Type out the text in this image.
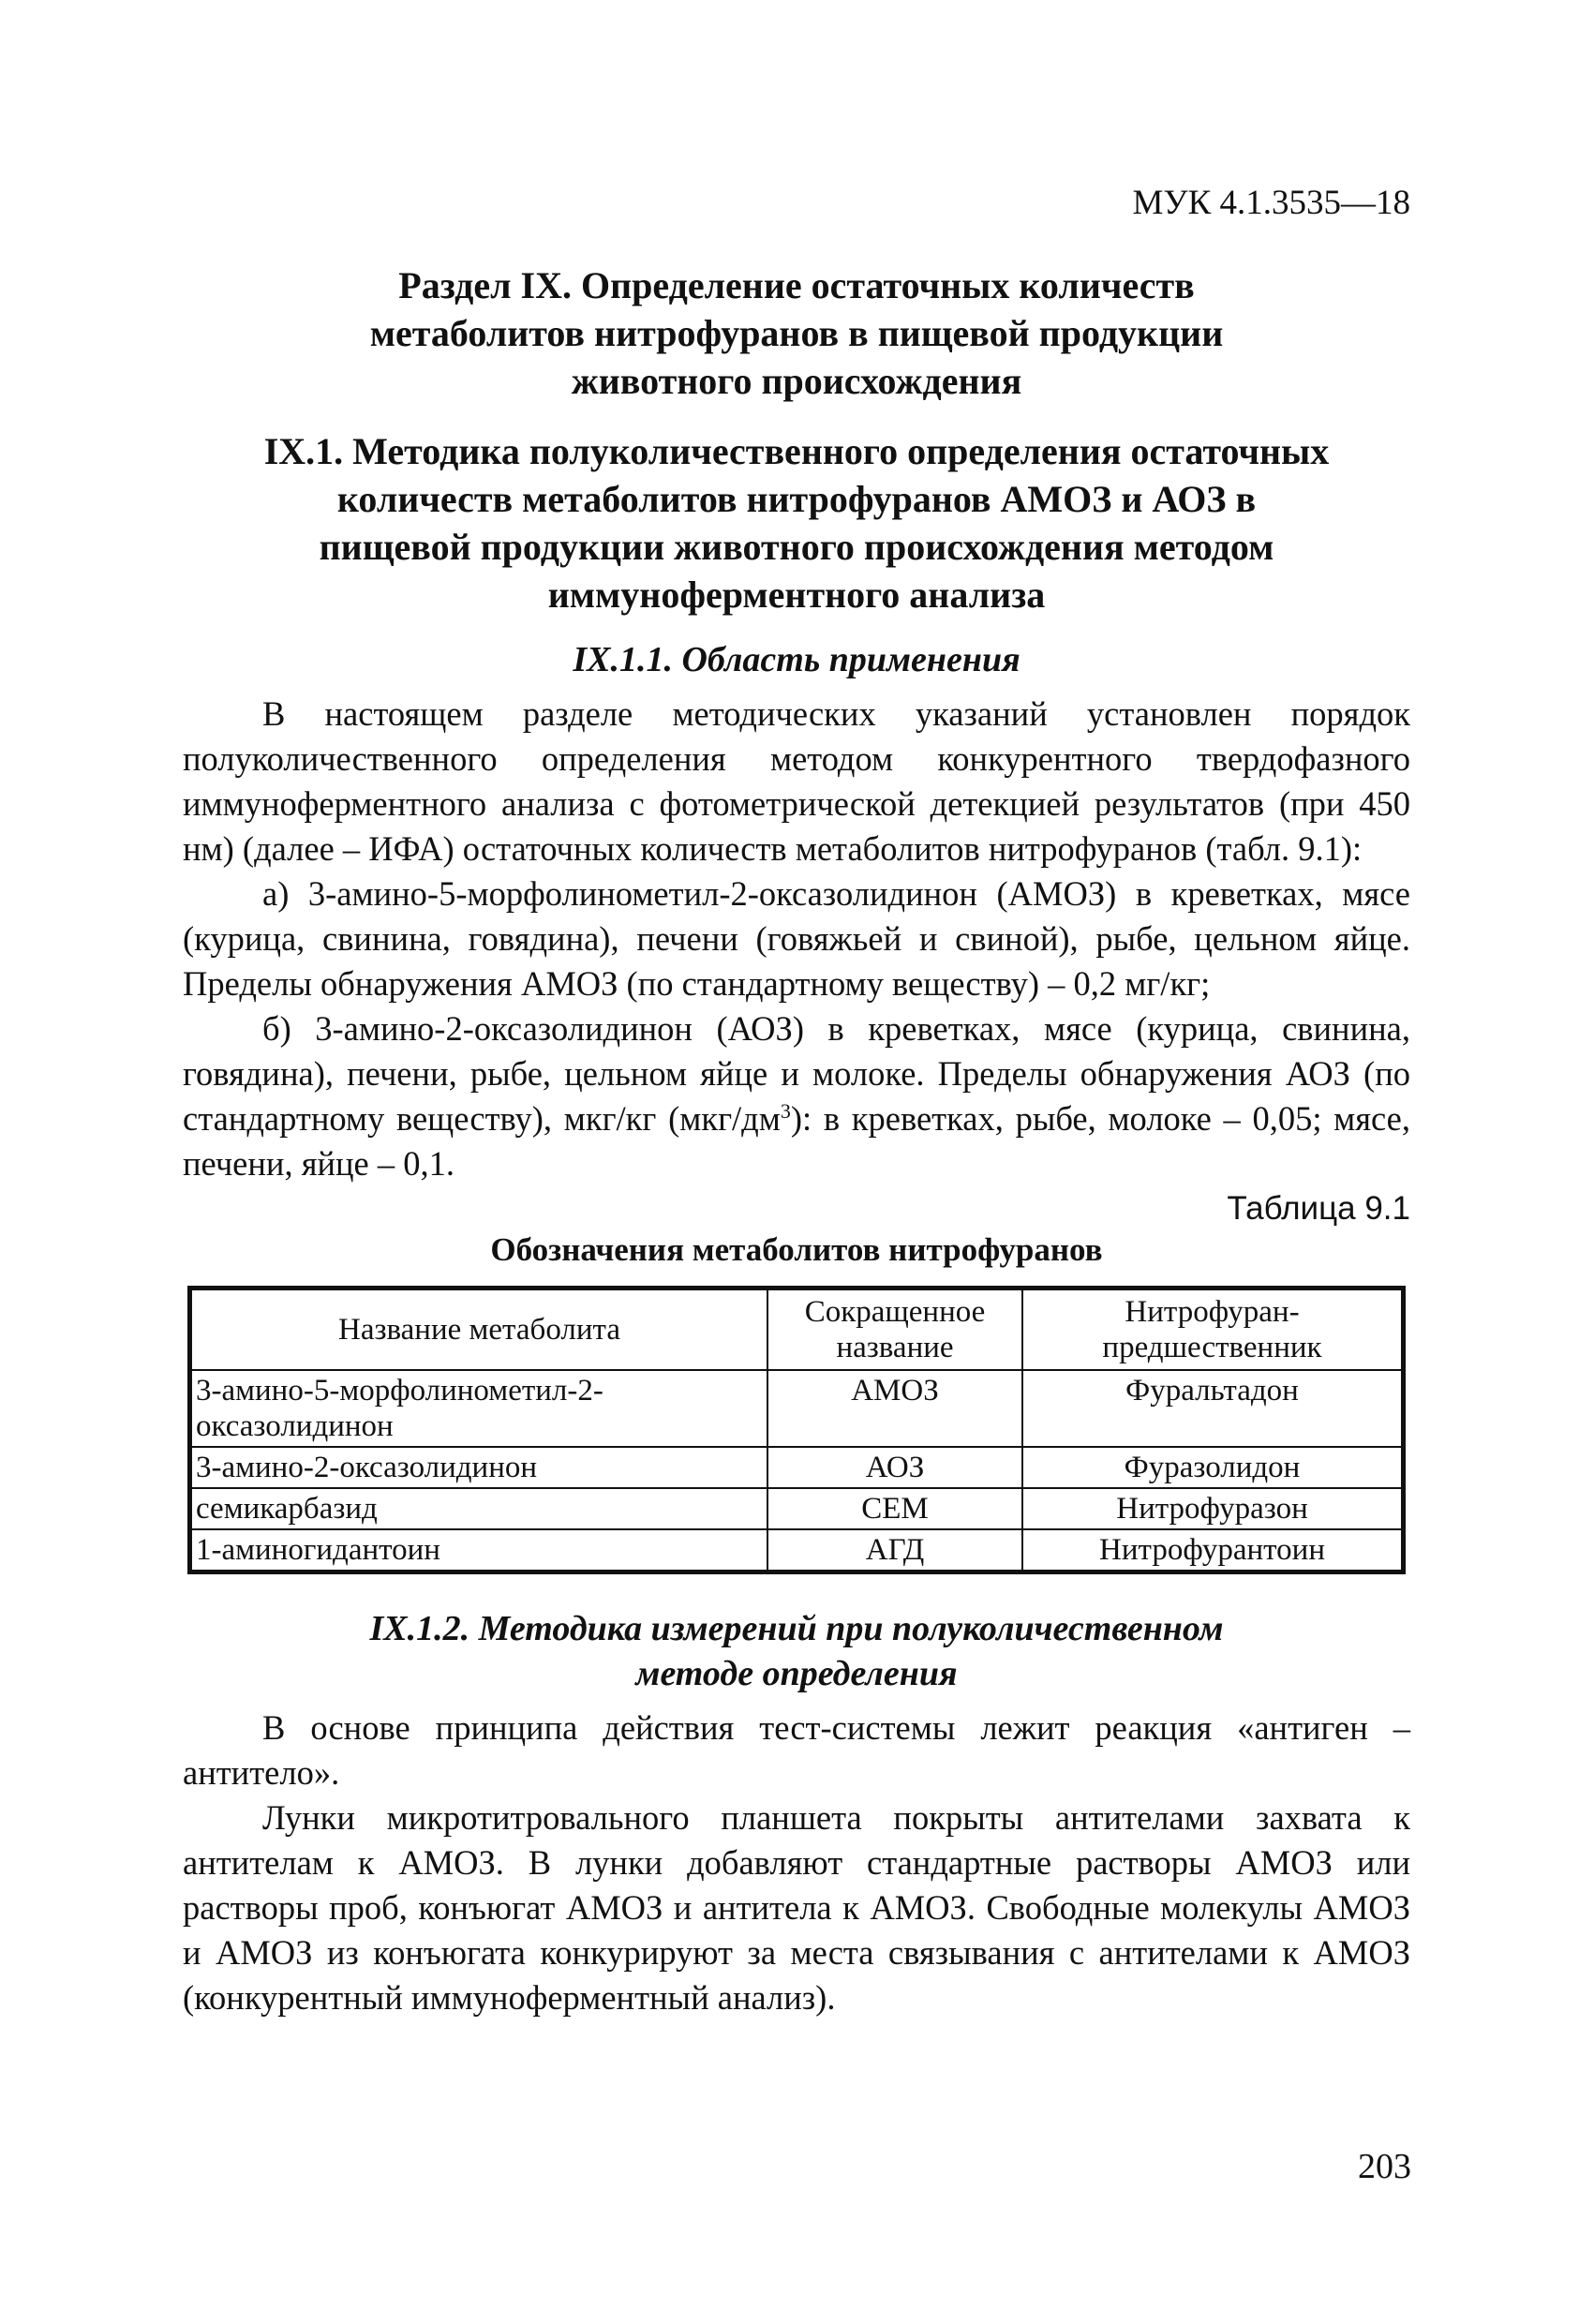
МУК 4.1.3535—18
Раздел IX. Определение остаточных количеств
метаболитов нитрофуранов в пищевой продукции
животного происхождения
IX.1. Методика полуколичественного определения остаточных
количеств метаболитов нитрофуранов АМОЗ и АОЗ в
пищевой продукции животного происхождения методом
иммуноферментного анализа
IX.1.1. Область применения

В настоящем разделе методических указаний установлен порядок полуколичественного определения методом конкурентного твердофазного иммуноферментного анализа с фотометрической детекцией результатов (при 450 нм) (далее – ИФА) остаточных количеств метаболитов нитрофуранов (табл. 9.1):

а) 3-амино-5-морфолинометил-2-оксазолидинон (АМОЗ) в креветках, мясе (курица, свинина, говядина), печени (говяжьей и свиной), рыбе, цельном яйце. Пределы обнаружения АМОЗ (по стандартному веществу) – 0,2 мг/кг;

б) 3-амино-2-оксазолидинон (АОЗ) в креветках, мясе (курица, свинина, говядина), печени, рыбе, цельном яйце и молоке. Пределы обнаружения АОЗ (по стандартному веществу), мкг/кг $(мкг/дм^3)$: в креветках, рыбе, молоке – 0,05; мясе, печени, яйце – 0,1.

Таблица 9.1
Обозначения метаболитов нитрофуранов
Название метаболита	Сокращенное название	Нитрофуран-предшественник
3-амино-5-морфолинометил-2-оксазолидинон	АМОЗ	Фуральтадон
3-амино-2-оксазолидинон	АОЗ	Фуразолидон
семикарбазид	СЕМ	Нитрофуразон
1-аминогидантоин	АГД	Нитрофурантоин
IX.1.2. Методика измерений при полуколичественном
методе определения

В основе принципа действия тест-системы лежит реакция «антиген – антитело».

Лунки микротитровального планшета покрыты антителами захвата к антителам к АМОЗ. В лунки добавляют стандартные растворы АМОЗ или растворы проб, конъюгат АМОЗ и антитела к АМОЗ. Свободные молекулы АМОЗ и АМОЗ из конъюгата конкурируют за места связывания с антителами к АМОЗ (конкурентный иммуноферментный анализ).

203
